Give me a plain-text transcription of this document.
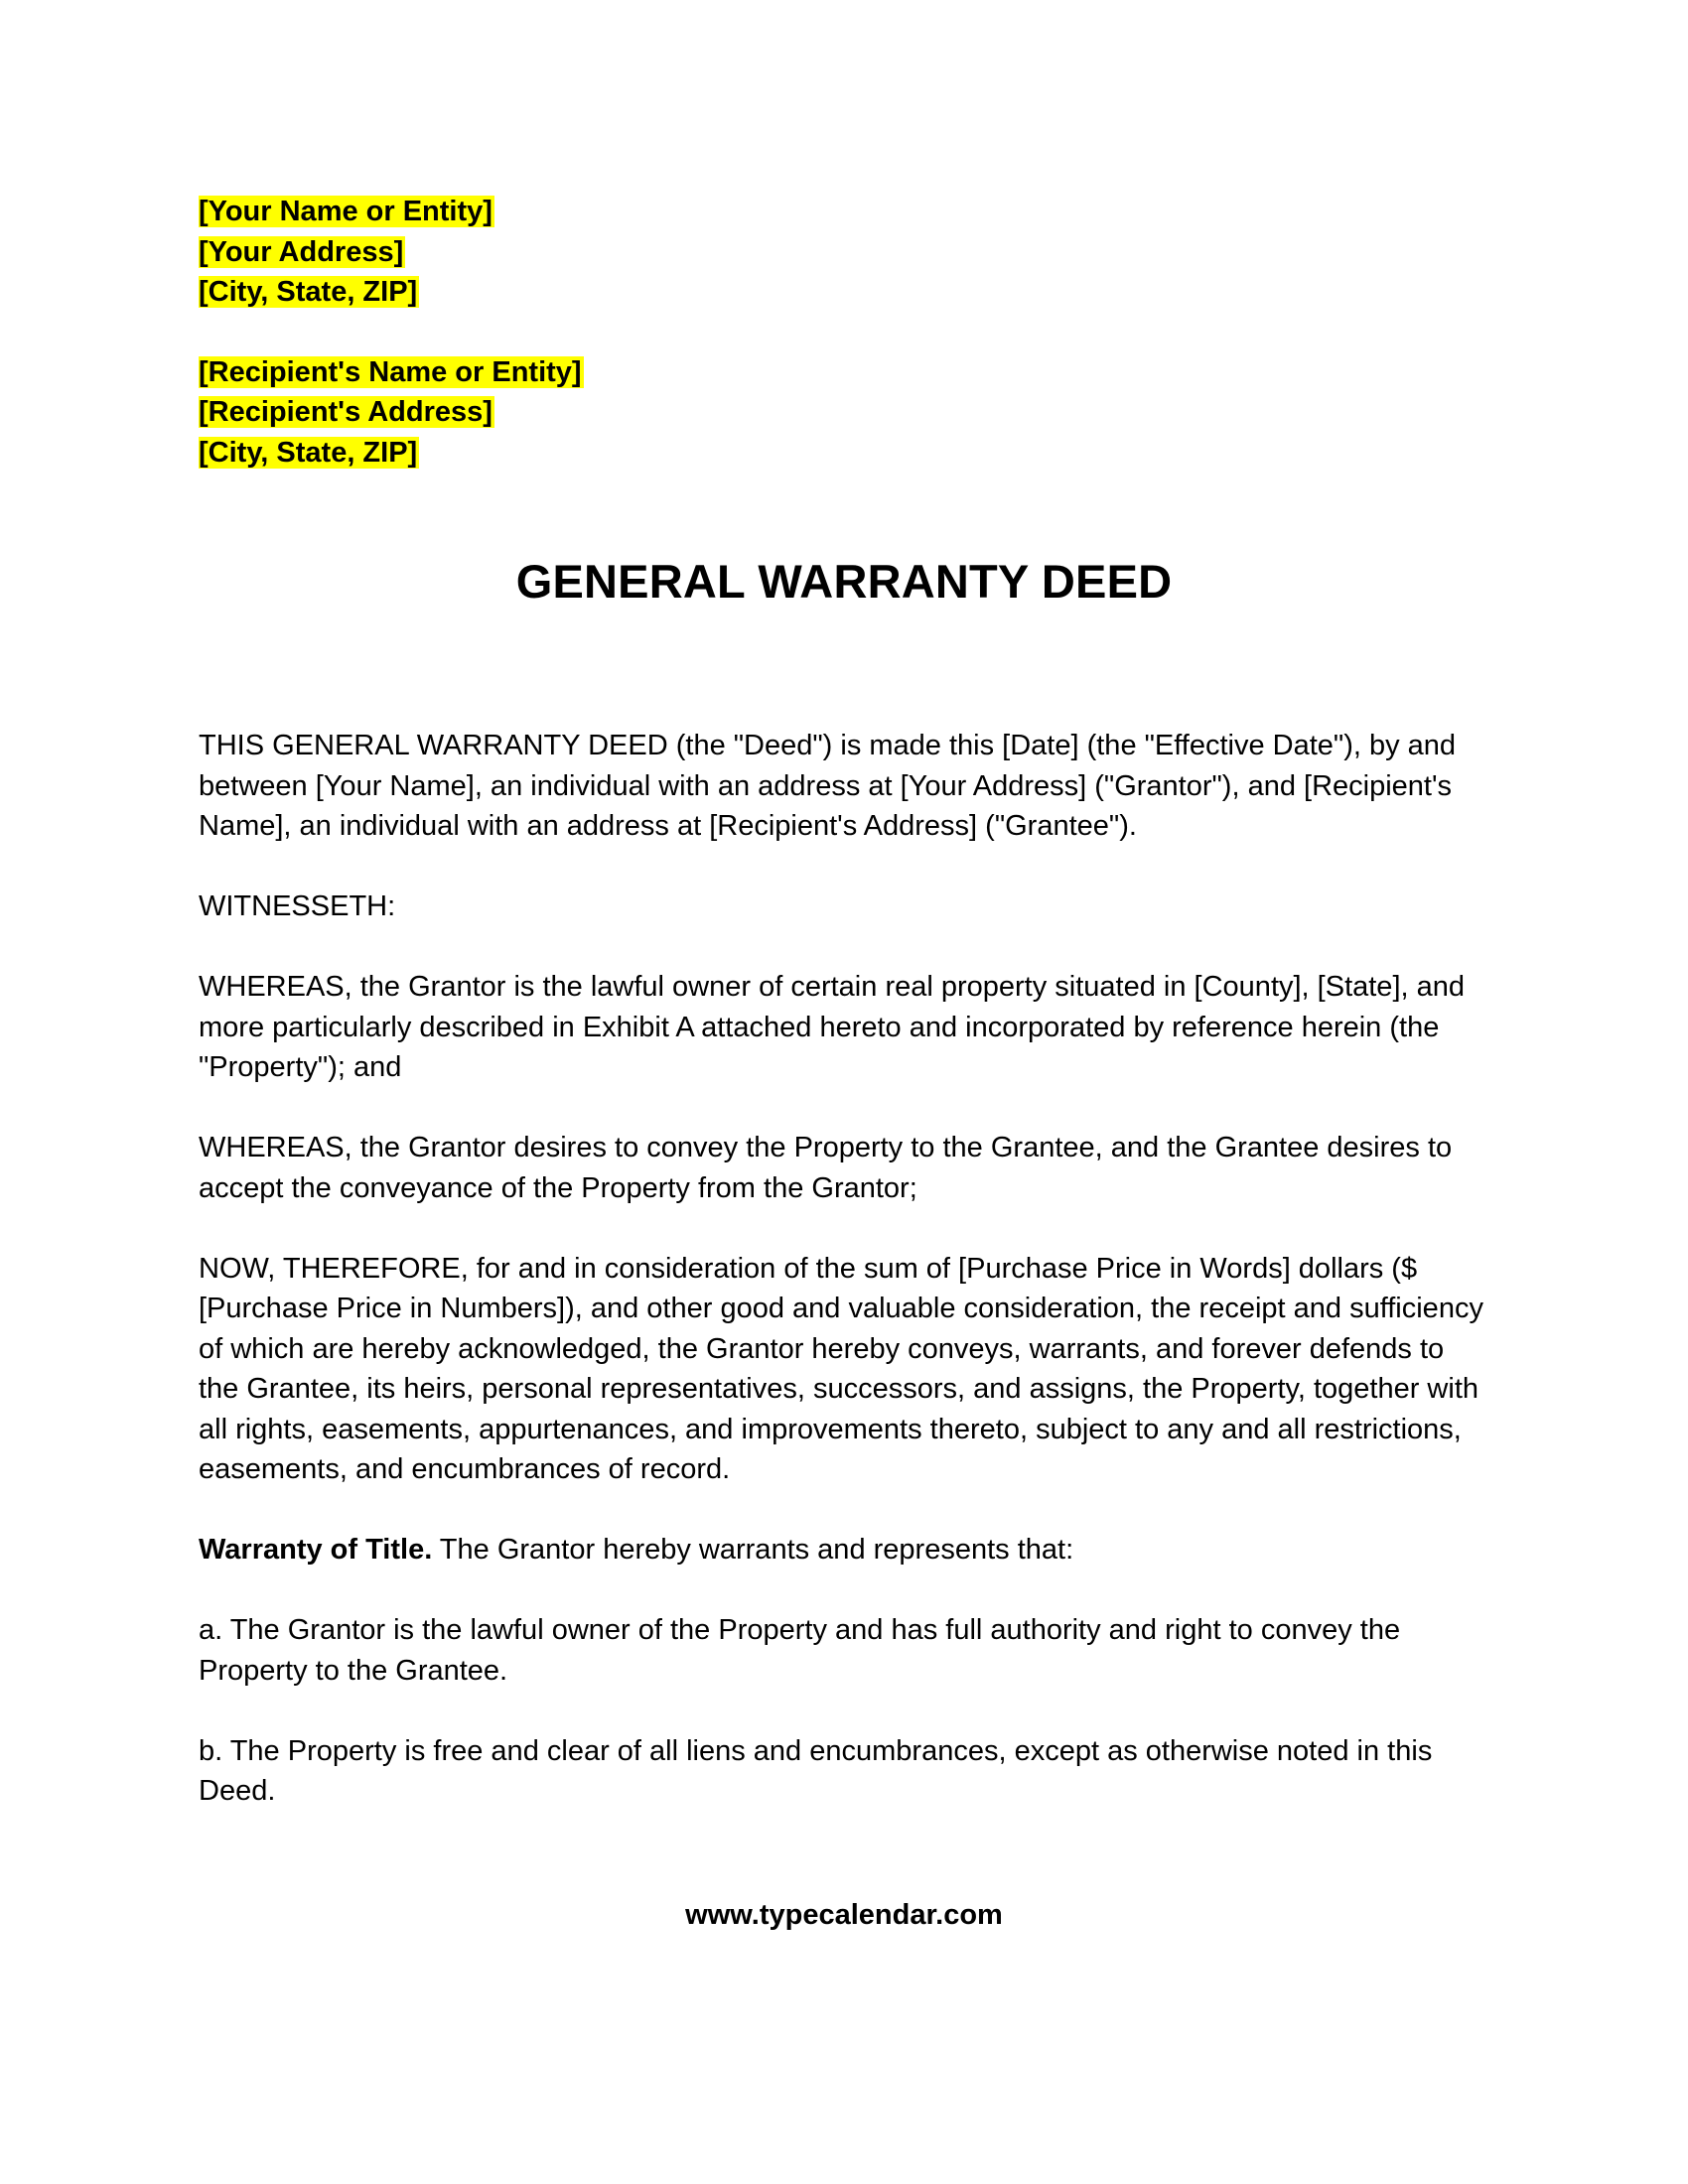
[Your Name or Entity]
[Your Address]
[City, State, ZIP]
[Recipient's Name or Entity]
[Recipient's Address]
[City, State, ZIP]
GENERAL WARRANTY DEED

THIS GENERAL WARRANTY DEED (the "Deed") is made this [Date] (the "Effective Date"), by and between [Your Name], an individual with an address at [Your Address] ("Grantor"), and [Recipient's Name], an individual with an address at [Recipient's Address] ("Grantee").

WITNESSETH:

WHEREAS, the Grantor is the lawful owner of certain real property situated in [County], [State], and more particularly described in Exhibit A attached hereto and incorporated by reference herein (the "Property"); and

WHEREAS, the Grantor desires to convey the Property to the Grantee, and the Grantee desires to accept the conveyance of the Property from the Grantor;

NOW, THEREFORE, for and in consideration of the sum of [Purchase Price in Words] dollars ($ [Purchase Price in Numbers]), and other good and valuable consideration, the receipt and sufficiency of which are hereby acknowledged, the Grantor hereby conveys, warrants, and forever defends to the Grantee, its heirs, personal representatives, successors, and assigns, the Property, together with all rights, easements, appurtenances, and improvements thereto, subject to any and all restrictions, easements, and encumbrances of record.

Warranty of Title. The Grantor hereby warrants and represents that:

a. The Grantor is the lawful owner of the Property and has full authority and right to convey the Property to the Grantee.

b. The Property is free and clear of all liens and encumbrances, except as otherwise noted in this Deed.

www.typecalendar.com
